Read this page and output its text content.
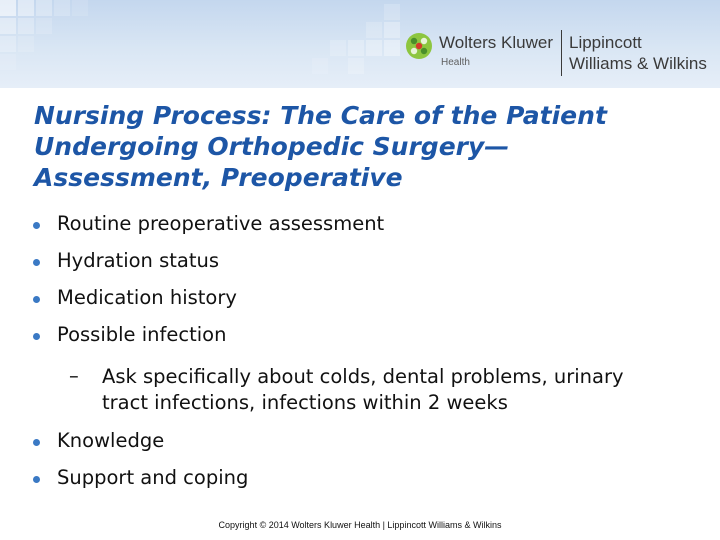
Wolters Kluwer
Health
Lippincott
Williams & Wilkins
Nursing Process: The Care of the Patient
Undergoing Orthopedic Surgery—
Assessment, Preoperative
Routine preoperative assessment
Hydration status
Medication history
Possible infection
Knowledge
Support and coping
– Ask specifically about colds, dental problems, urinary
tract infections, infections within 2 weeks
Copyright © 2014 Wolters Kluwer Health | Lippincott Williams & Wilkins
